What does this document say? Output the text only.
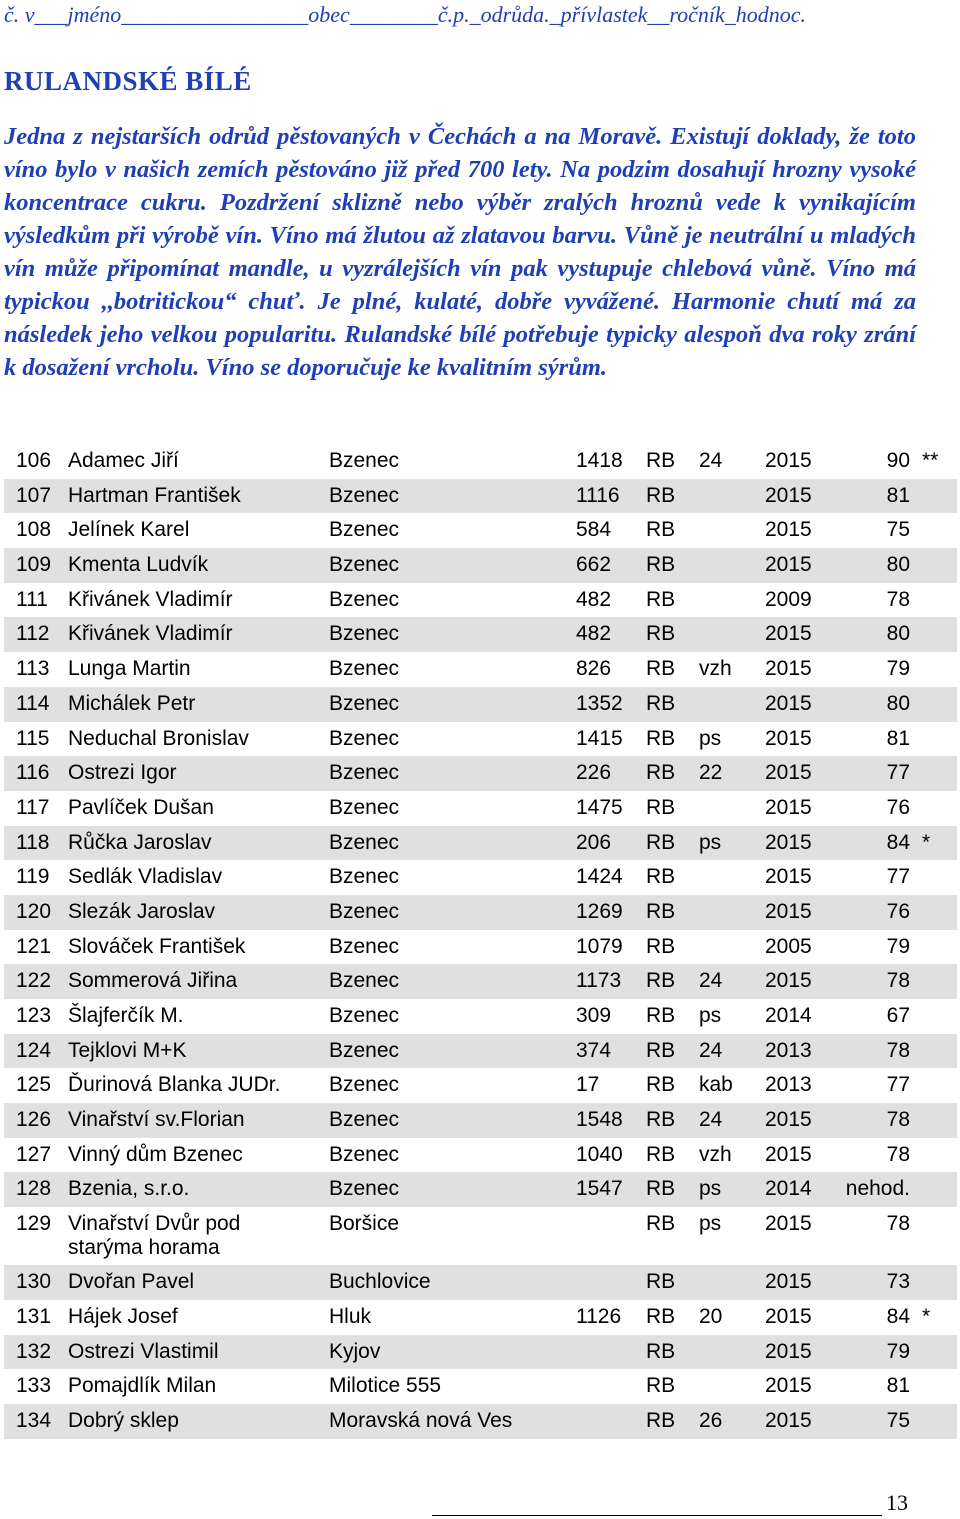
č. v___jméno_________________obec________č.p._odrůda._přívlastek__ročník_hodnoc.
RULANDSKÉ BÍLÉ
Jedna z nejstarších odrůd pěstovaných v Čechách a na Moravě. Existují doklady, že toto víno bylo v našich zemích pěstováno již před 700 lety. Na podzim dosahují hrozny vysoké koncentrace cukru. Pozdržení sklizně nebo výběr zralých hroznů vede k vynikajícím výsledkům při výrobě vín. Víno má žlutou až zlatavou barvu. Vůně je neutrální u mladých vín může připomínat mandle, u vyzrálejších vín pak vystupuje chlebová vůně. Víno má typickou ,,botritickou“ chuť. Je plné, kulaté, dobře vyvážené. Harmonie chutí má za následek jeho velkou popularitu. Rulandské bílé potřebuje typicky alespoň dva roky zrání k dosažení vrcholu. Víno se doporučuje ke kvalitním sýrům.
106 Adamec Jiří	Bzenec	1418 RB 24 2015	90 **
107 Hartman František	Bzenec	1116 RB	2015	81
108 Jelínek Karel	Bzenec	584 RB	2015	75
109 Kmenta Ludvík	Bzenec	662 RB	2015	80
111 Křivánek Vladimír	Bzenec	482 RB	2009	78
112 Křivánek Vladimír	Bzenec	482 RB	2015	80
113 Lunga Martin	Bzenec	826 RB vzh 2015	79
114 Michálek Petr	Bzenec	1352 RB	2015	80
115 Neduchal Bronislav	Bzenec	1415 RB ps 2015	81
116 Ostrezi Igor	Bzenec	226 RB 22 2015	77
117 Pavlíček Dušan	Bzenec	1475 RB	2015	76
118 Růčka Jaroslav	Bzenec	206 RB ps 2015	84 *
119 Sedlák Vladislav	Bzenec	1424 RB	2015	77
120 Slezák Jaroslav	Bzenec	1269 RB	2015	76
121 Slováček František	Bzenec	1079 RB	2005	79
122 Sommerová Jiřina	Bzenec	1173 RB 24 2015	78
123 Šlajferčík M.	Bzenec	309 RB ps 2014	67
124 Tejklovi M+K	Bzenec	374 RB 24 2013	78
125 Ďurinová Blanka JUDr.	Bzenec	17 RB kab 2013	77
126 Vinařství sv.Florian	Bzenec	1548 RB 24 2015	78
127 Vinný dům Bzenec	Bzenec	1040 RB vzh 2015	78
128 Bzenia, s.r.o.	Bzenec	1547 RB ps 2014	nehod.
129 Vinařství Dvůr pod starýma horama
Boršice	RB ps 2015	78
130 Dvořan Pavel	Buchlovice	RB	2015	73
131 Hájek Josef	Hluk	1126 RB 20 2015	84 *
132 Ostrezi Vlastimil	Kyjov	RB	2015	79
133 Pomajdlík Milan	Milotice 555	RB	2015	81
134 Dobrý sklep	Moravská nová Ves	RB 26 2015	75
13
